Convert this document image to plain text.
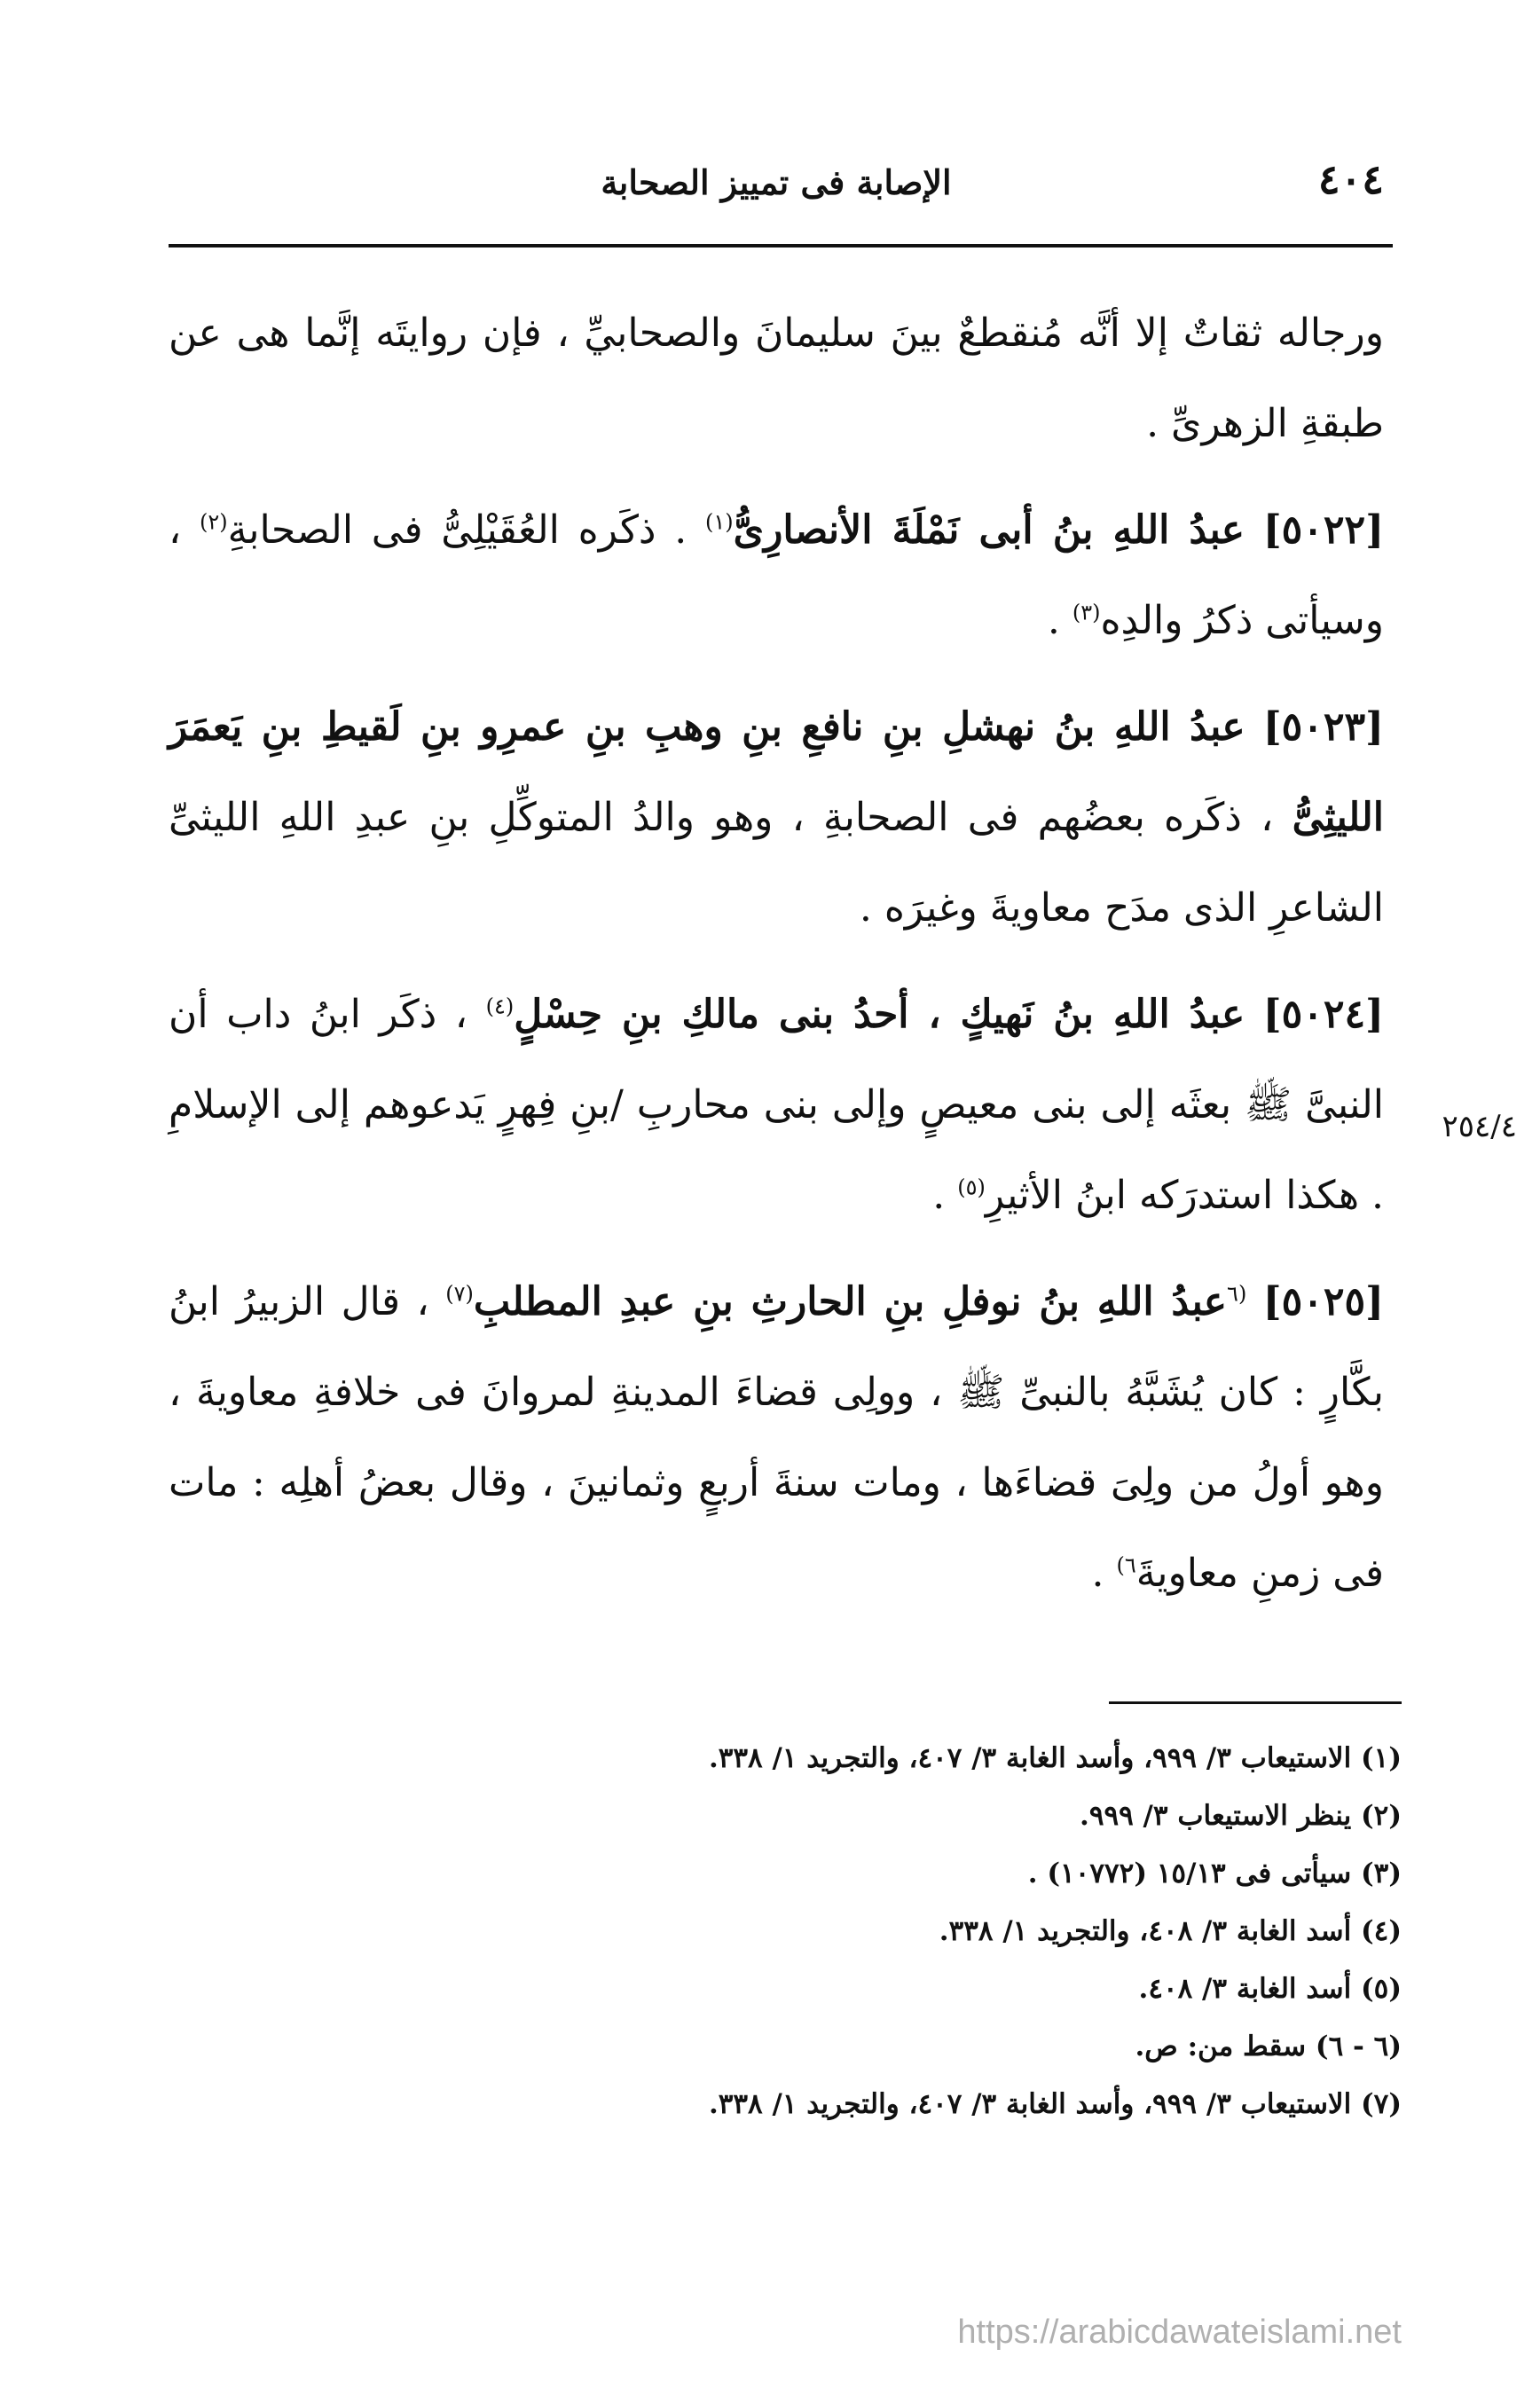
٤٠٤
الإصابة فى تمييز الصحابة

ورجاله ثقاتٌ إلا أنَّه مُنقطعٌ بينَ سليمانَ والصحابيِّ ، فإن روايتَه إنَّما هى عن طبقةِ الزهرىِّ .

[٥٠٢٢] عبدُ اللهِ بنُ أبى نَمْلَةَ الأنصارِىُّ$^{(١)}$ . ذكَره العُقَيْلِىُّ فى الصحابةِ$^{(٢)}$ ، وسيأتى ذكرُ والدِه$^{(٣)}$ .

[٥٠٢٣] عبدُ اللهِ بنُ نهشلِ بنِ نافعِ بنِ وهبِ بنِ عمرِو بنِ لَقيطِ بنِ يَعمَرَ الليثِىُّ ، ذكَره بعضُهم فى الصحابةِ ، وهو والدُ المتوكِّلِ بنِ عبدِ اللهِ الليثىِّ الشاعرِ الذى مدَح معاويةَ وغيرَه .

[٥٠٢٤] عبدُ اللهِ بنُ نَهيكٍ ، أحدُ بنى مالكِ بنِ حِسْلٍ$^{(٤)}$ ، ذكَر ابنُ داب أن النبىَّ ﷺ بعثَه إلى بنى معيصٍ وإلى بنى محاربِ /بنِ فِهرٍ يَدعوهم إلى الإسلامِ . هكذا استدرَكه ابنُ الأثيرِ$^{(٥)}$ .

[٥٠٢٥] $^{(٦}$عبدُ اللهِ بنُ نوفلِ بنِ الحارثِ بنِ عبدِ المطلبِ$^{(٧)}$ ، قال الزبيرُ ابنُ بكَّارٍ : كان يُشَبَّهُ بالنبىِّ ﷺ ، وولِى قضاءَ المدينةِ لمروانَ فى خلافةِ معاويةَ ، وهو أولُ من ولِىَ قضاءَها ، ومات سنةَ أربعٍ وثمانينَ ، وقال بعضُ أهلِه : مات فى زمنِ معاويةَ$^{٦)}$ .

٢٥٤/٤
(١) الاستيعاب ٣/ ٩٩٩، وأسد الغابة ٣/ ٤٠٧، والتجريد ١/ ٣٣٨.
(٢) ينظر الاستيعاب ٣/ ٩٩٩.
(٣) سيأتى فى ١٥/١٣ (١٠٧٧٢) .
(٤) أسد الغابة ٣/ ٤٠٨، والتجريد ١/ ٣٣٨.
(٥) أسد الغابة ٣/ ٤٠٨.
(٦ - ٦) سقط من: ص.
(٧) الاستيعاب ٣/ ٩٩٩، وأسد الغابة ٣/ ٤٠٧، والتجريد ١/ ٣٣٨.
https://arabicdawateislami.net
